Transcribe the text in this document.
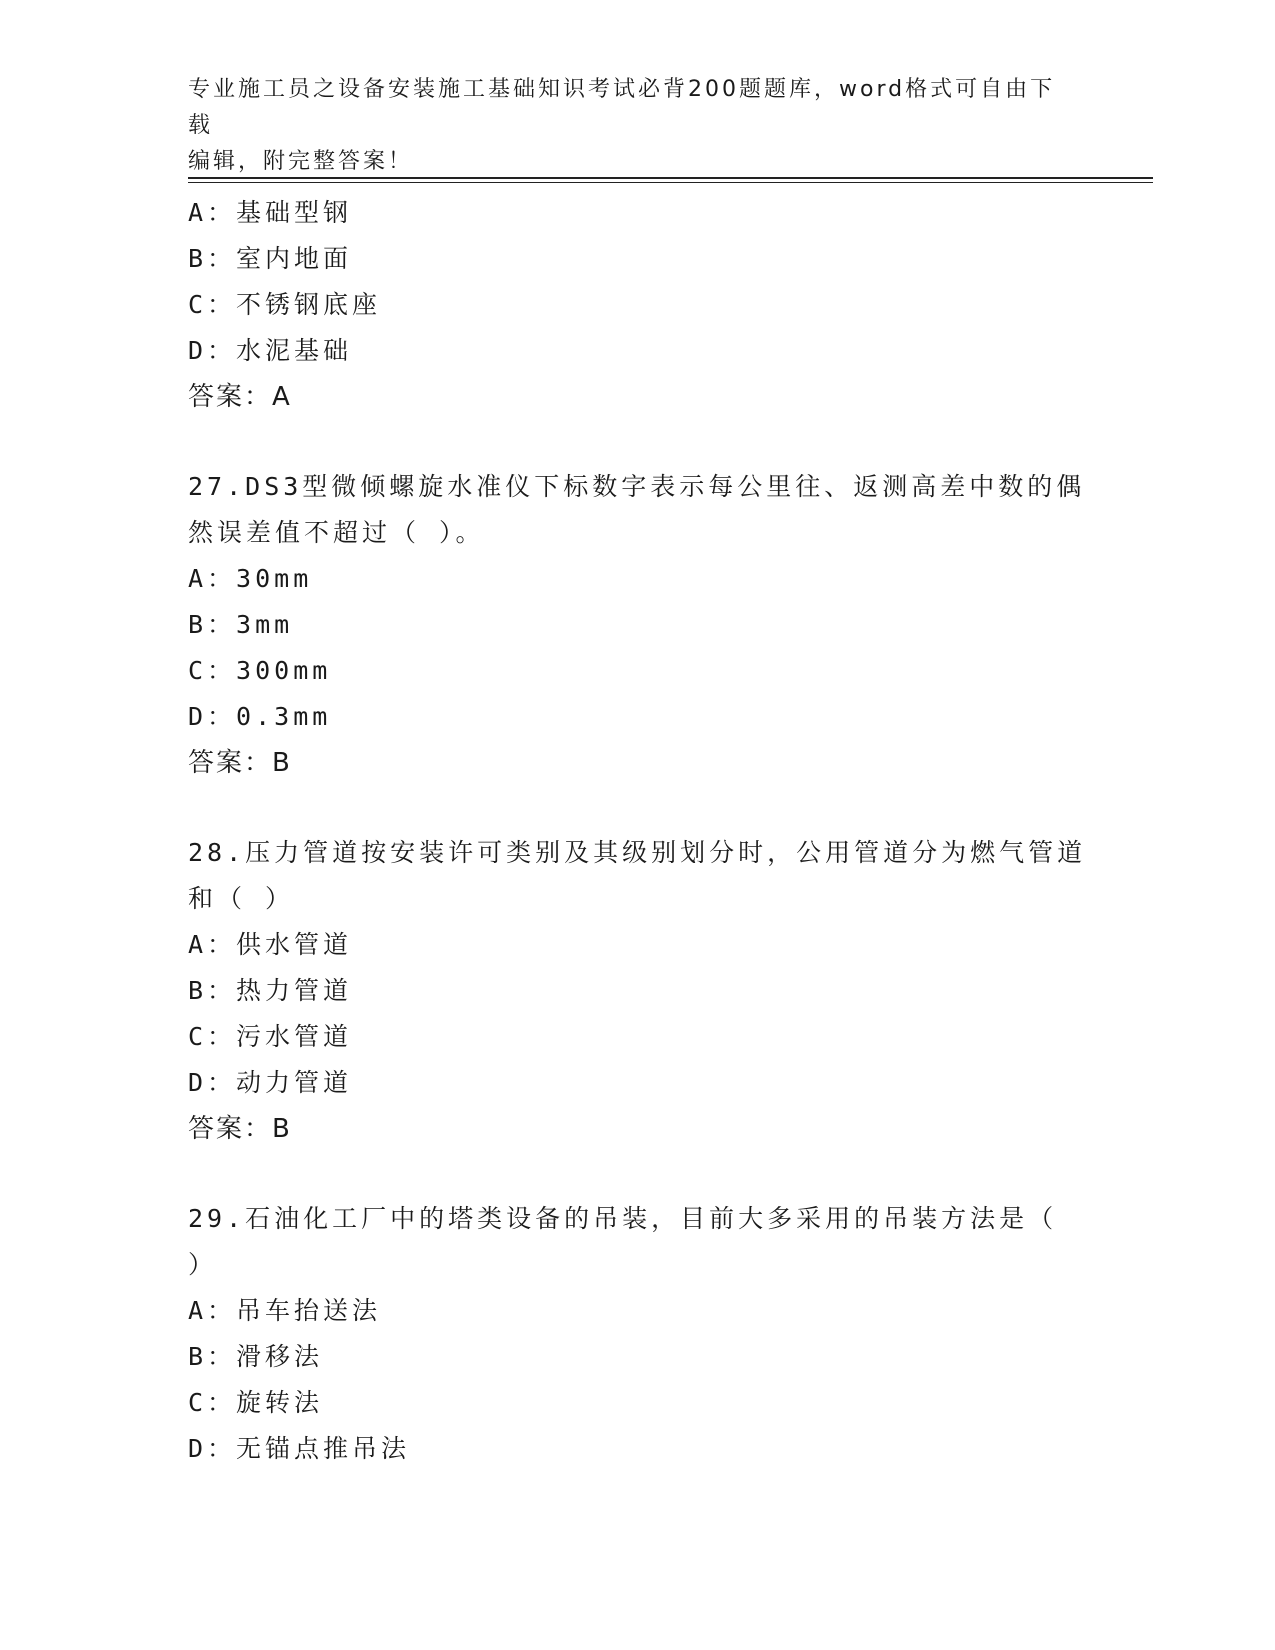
专业施工员之设备安装施工基础知识考试必背200题题库，word格式可自由下载
编辑，附完整答案！
A：基础型钢
B：室内地面
C：不锈钢底座
D：水泥基础
答案：A
27.DS3型微倾螺旋水准仪下标数字表示每公里往、返测高差中数的偶
然误差值不超过（ ）。
A：30mm
B：3mm
C：300mm
D：0.3mm
答案：B
28.压力管道按安装许可类别及其级别划分时，公用管道分为燃气管道
和（ ）
A：供水管道
B：热力管道
C：污水管道
D：动力管道
答案：B
29.石油化工厂中的塔类设备的吊装，目前大多采用的吊装方法是（
）
A：吊车抬送法
B：滑移法
C：旋转法
D：无锚点推吊法
